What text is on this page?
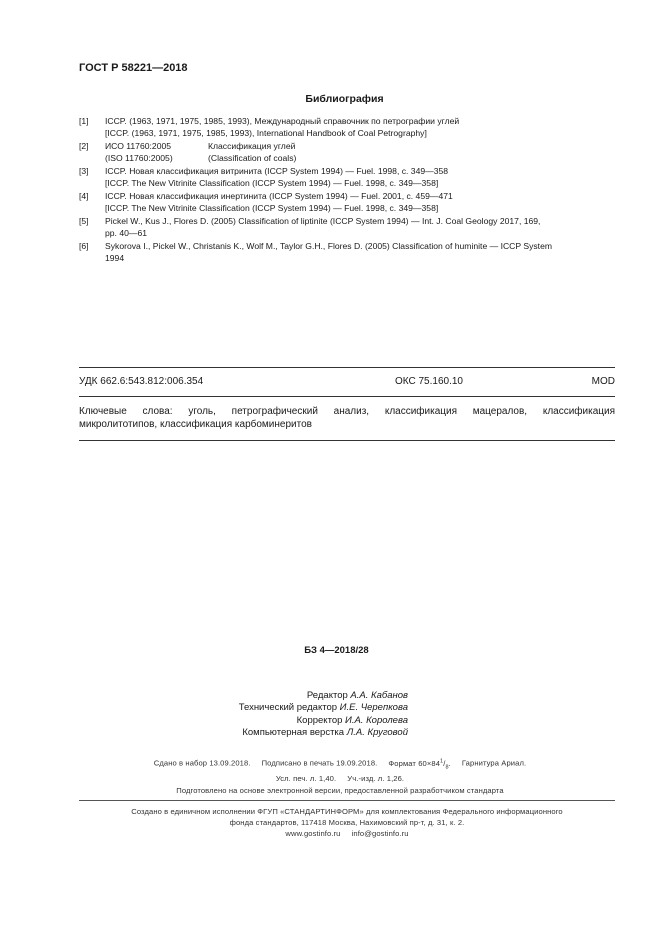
ГОСТ Р 58221—2018
Библиография
[1]	ICCP. (1963, 1971, 1975, 1985, 1993), Международный справочник по петрографии углей
[ICCP. (1963, 1971, 1975, 1985, 1993), International Handbook of Coal Petrography]
[2]	ИСО 11760:2005	Классификация углей
(ISO 11760:2005)	(Classification of coals)
[3]	ICCP. Новая классификация витринита (ICCP System 1994) — Fuel. 1998, с. 349—358
[ICCP. The New Vitrinite Classification (ICCP System 1994) — Fuel. 1998, с. 349—358]
[4]	ICCP. Новая классификация инертинита (ICCP System 1994) — Fuel. 2001, с. 459—471
[ICCP. The New Vitrinite Classification (ICCP System 1994) — Fuel. 1998, с. 349—358]
[5]	Pickel W., Kus J., Flores D. (2005) Classification of liptinite (ICCP System 1994) — Int. J. Coal Geology 2017, 169,
pp. 40—61
[6]	Sykorova I., Pickel W., Christanis K., Wolf M., Taylor G.H., Flores D. (2005) Classification of huminite — ICCP System
1994
УДК 662.6:543.812:006.354	ОКС 75.160.10	MOD
Ключевые слова: уголь, петрографический анализ, классификация мацералов, классификация
микролитотипов, классификация карбоминеритов
БЗ 4—2018/28
Редактор А.А. Кабанов
Технический редактор И.Е. Черепкова
Корректор И.А. Королева
Компьютерная верстка Л.А. Круговой
Сдано в набор 13.09.2018. Подписано в печать 19.09.2018. Формат $60\times 84^1/_8$. Гарнитура Ариал.
Усл. печ. л. 1,40. Уч.-изд. л. 1,26.
Подготовлено на основе электронной версии, предоставленной разработчиком стандарта
Создано в единичном исполнении ФГУП «СТАНДАРТИНФОРМ» для комплектования Федерального информационного
фонда стандартов, 117418 Москва, Нахимовский пр-т, д. 31, к. 2.
www.gostinfo.ru info@gostinfo.ru
